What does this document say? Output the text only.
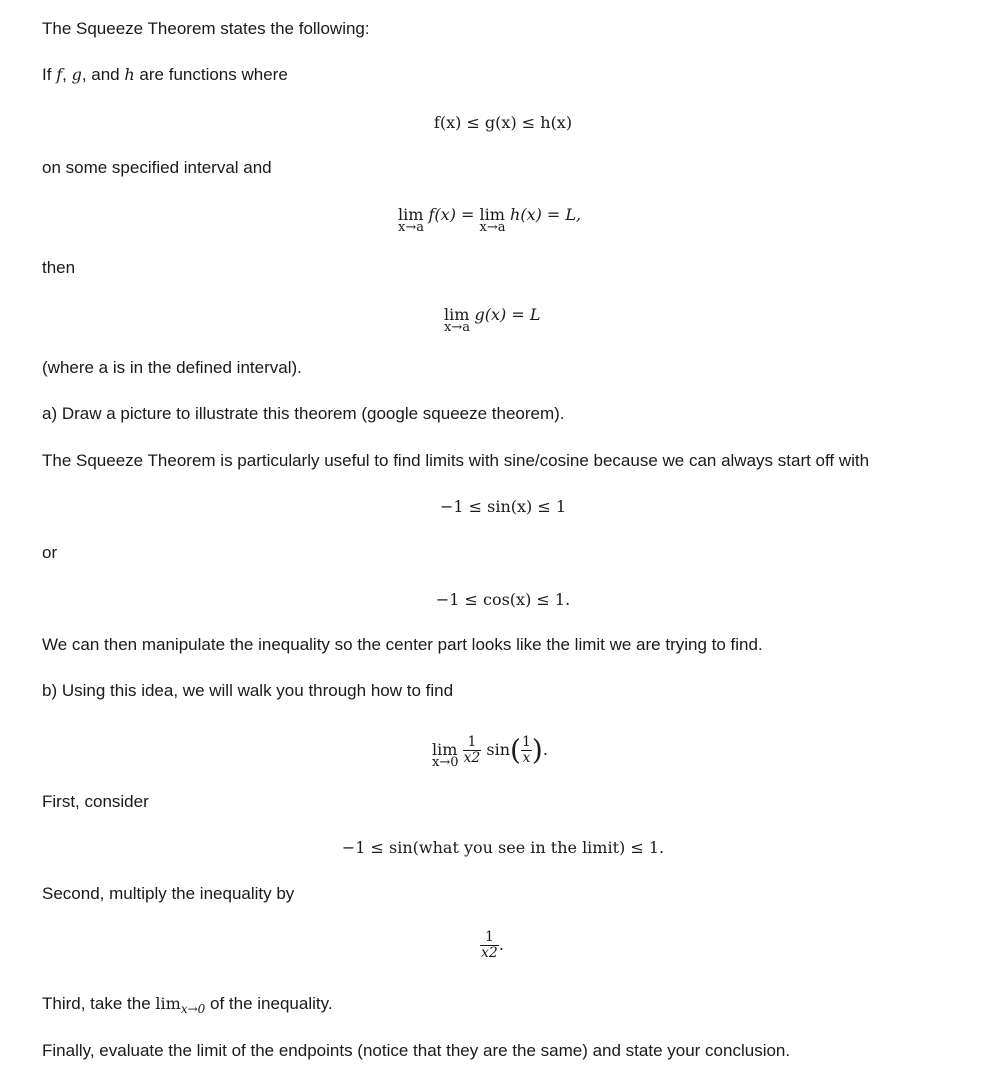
The Squeeze Theorem states the following:
If f, g, and h are functions where
f(x) ≤ g(x) ≤ h(x)
on some specified interval and
lim
x→a
f(x) = lim
x→a
h(x) = L,
then
lim
x→a
g(x) = L
(where a is in the defined interval).
a) Draw a picture to illustrate this theorem (google squeeze theorem).
The Squeeze Theorem is particularly useful to find limits with sine/cosine because we can always start off with
−1 ≤ sin(x) ≤ 1
or
−1 ≤ cos(x) ≤ 1.
We can then manipulate the inequality so the center part looks like the limit we are trying to find.
b) Using this idea, we will walk you through how to find
lim
x→0
$\frac{1}{x2} \sin( \frac{1}{x}$ ).
First, consider
−1 ≤ sin(what you see in the limit) ≤ 1.
Second, multiply the inequality by
$\frac{1}{x2}$ .
Third, take the $\lim_{x\to 0}$ of the inequality.
Finally, evaluate the limit of the endpoints (notice that they are the same) and state your conclusion.
